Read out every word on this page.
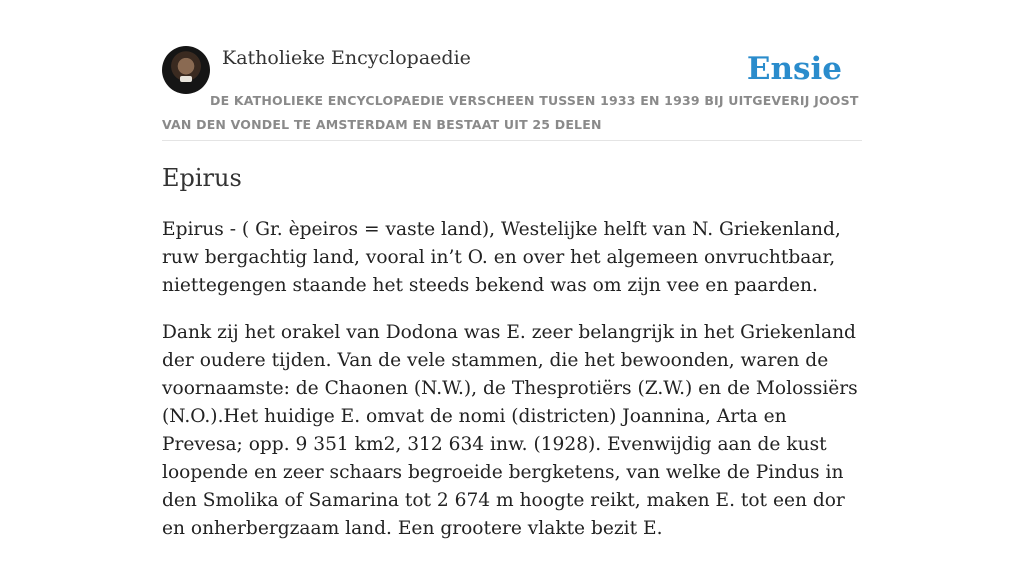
Katholieke Encyclopaedie	Ensie
DE KATHOLIEKE ENCYCLOPAEDIE VERSCHEEN TUSSEN 1933 EN 1939 BIJ UITGEVERIJ JOOST VAN DEN VONDEL TE AMSTERDAM EN BESTAAT UIT 25 DELEN
Epirus

Epirus - ( Gr. èpeiros = vaste land), Westelijke helft van N. Griekenland, ruw bergachtig land, vooral in’t O. en over het algemeen onvruchtbaar, niettegengen staande het steeds bekend was om zijn vee en paarden.

Dank zij het orakel van Dodona was E. zeer belangrijk in het Griekenland der oudere tijden. Van de vele stammen, die het bewoonden, waren de voornaamste: de Chaonen (N.W.), de Thesprotiërs (Z.W.) en de Molossiërs (N.O.).Het huidige E. omvat de nomi (districten) Joannina, Arta en Prevesa; opp. 9 351 km2, 312 634 inw. (1928). Evenwijdig aan de kust loopende en zeer schaars begroeide bergketens, van welke de Pindus in den Smolika of Samarina tot 2 674 m hoogte reikt, maken E. tot een dor en onherbergzaam land. Een grootere vlakte bezit E.
